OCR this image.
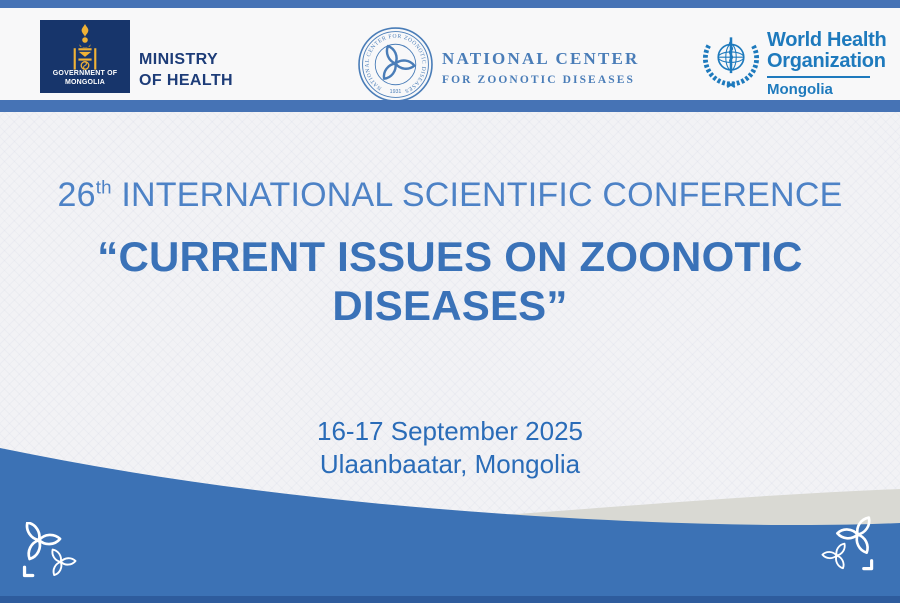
GOVERNMENT OF
MONGOLIA
MINISTRY
OF HEALTH	NATIONAL CENTER FOR ZOONOTIC DISEASES
1931
NATIONAL CENTER
FOR ZOONOTIC DISEASES
World Health
Organization
Mongolia
26th INTERNATIONAL SCIENTIFIC CONFERENCE
“CURRENT ISSUES ON ZOONOTIC
DISEASES”
16-17 September 2025
Ulaanbaatar, Mongolia
